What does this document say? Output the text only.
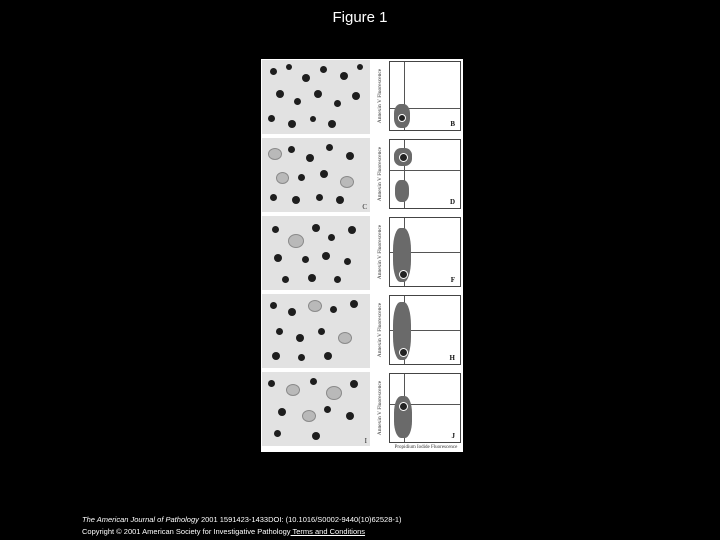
Figure 1
Annexin V Fluorescence
B
C
Annexin V Fluorescence
D
Annexin V Fluorescence
F
Annexin V Fluorescence
H
I
Annexin V Fluorescence
J
Propidium Iodide Fluorescence
The American Journal of Pathology 2001 1591423-1433DOI: (10.1016/S0002-9440(10)62528-1)
Copyright © 2001 American Society for Investigative Pathology Terms and Conditions
